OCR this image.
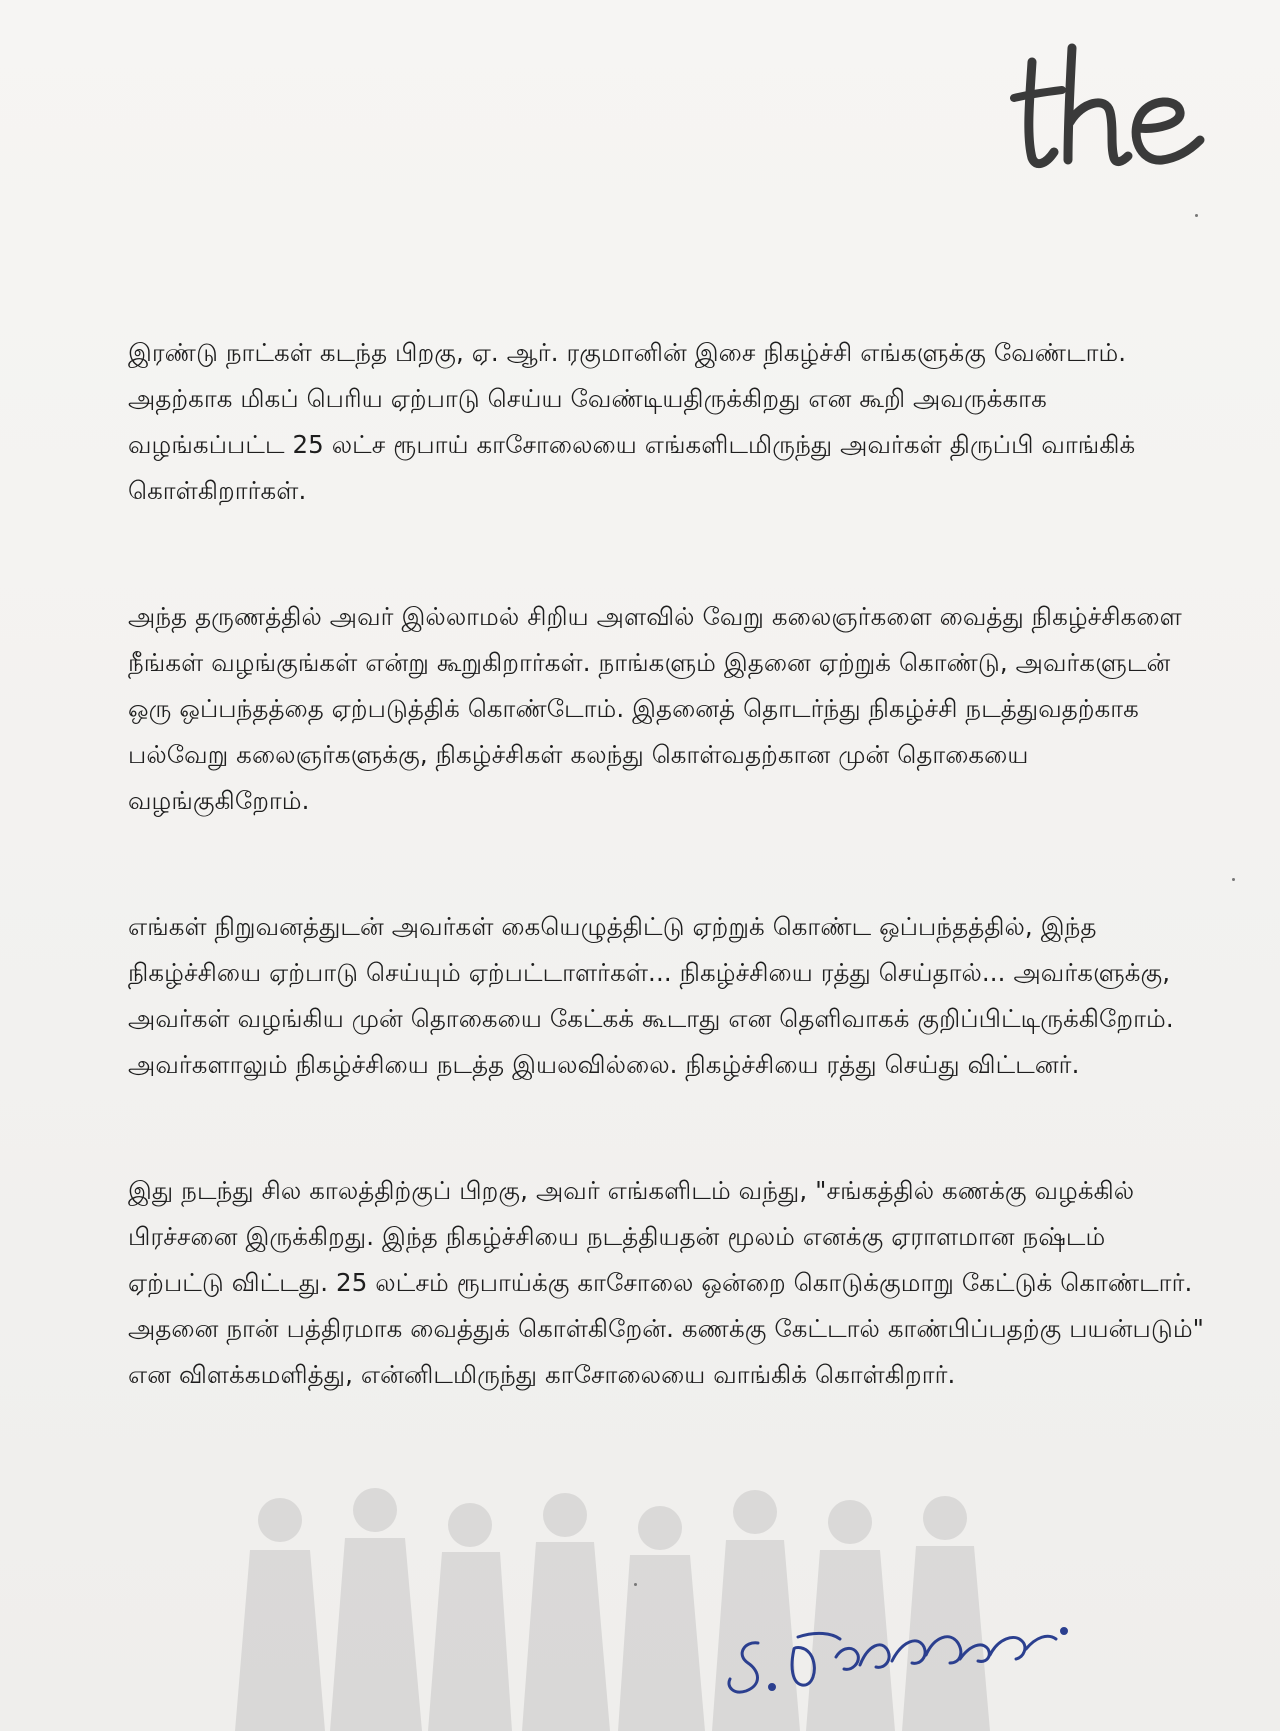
இரண்டு நாட்கள் கடந்த பிறகு, ஏ. ஆர். ரகுமானின் இசை நிகழ்ச்சி எங்களுக்கு வேண்டாம். அதற்காக மிகப் பெரிய ஏற்பாடு செய்ய வேண்டியதிருக்கிறது என கூறி அவருக்காக வழங்கப்பட்ட 25 லட்ச ரூபாய் காசோலையை எங்களிடமிருந்து அவர்கள் திருப்பி வாங்கிக் கொள்கிறார்கள்.

அந்த தருணத்தில் அவர் இல்லாமல் சிறிய அளவில் வேறு கலைஞர்களை வைத்து நிகழ்ச்சிகளை நீங்கள் வழங்குங்கள் என்று கூறுகிறார்கள். நாங்களும் இதனை ஏற்றுக் கொண்டு, அவர்களுடன் ஒரு ஒப்பந்தத்தை ஏற்படுத்திக் கொண்டோம். இதனைத் தொடர்ந்து நிகழ்ச்சி நடத்துவதற்காக பல்வேறு கலைஞர்களுக்கு, நிகழ்ச்சிகள் கலந்து கொள்வதற்கான முன் தொகையை வழங்குகிறோம்.

எங்கள் நிறுவனத்துடன் அவர்கள் கையெழுத்திட்டு ஏற்றுக் கொண்ட ஒப்பந்தத்தில், இந்த நிகழ்ச்சியை ஏற்பாடு செய்யும் ஏற்பட்டாளர்கள்... நிகழ்ச்சியை ரத்து செய்தால்... அவர்களுக்கு, அவர்கள் வழங்கிய முன் தொகையை கேட்கக் கூடாது என தெளிவாகக் குறிப்பிட்டிருக்கிறோம். அவர்களாலும் நிகழ்ச்சியை நடத்த இயலவில்லை. நிகழ்ச்சியை ரத்து செய்து விட்டனர்.

இது நடந்து சில காலத்திற்குப் பிறகு, அவர் எங்களிடம் வந்து, "சங்கத்தில் கணக்கு வழக்கில் பிரச்சனை இருக்கிறது. இந்த நிகழ்ச்சியை நடத்தியதன் மூலம் எனக்கு ஏராளமான நஷ்டம் ஏற்பட்டு விட்டது. 25 லட்சம் ரூபாய்க்கு காசோலை ஒன்றை கொடுக்குமாறு கேட்டுக் கொண்டார். அதனை நான் பத்திரமாக வைத்துக் கொள்கிறேன். கணக்கு கேட்டால் காண்பிப்பதற்கு பயன்படும்" என விளக்கமளித்து, என்னிடமிருந்து காசோலையை வாங்கிக் கொள்கிறார்.
